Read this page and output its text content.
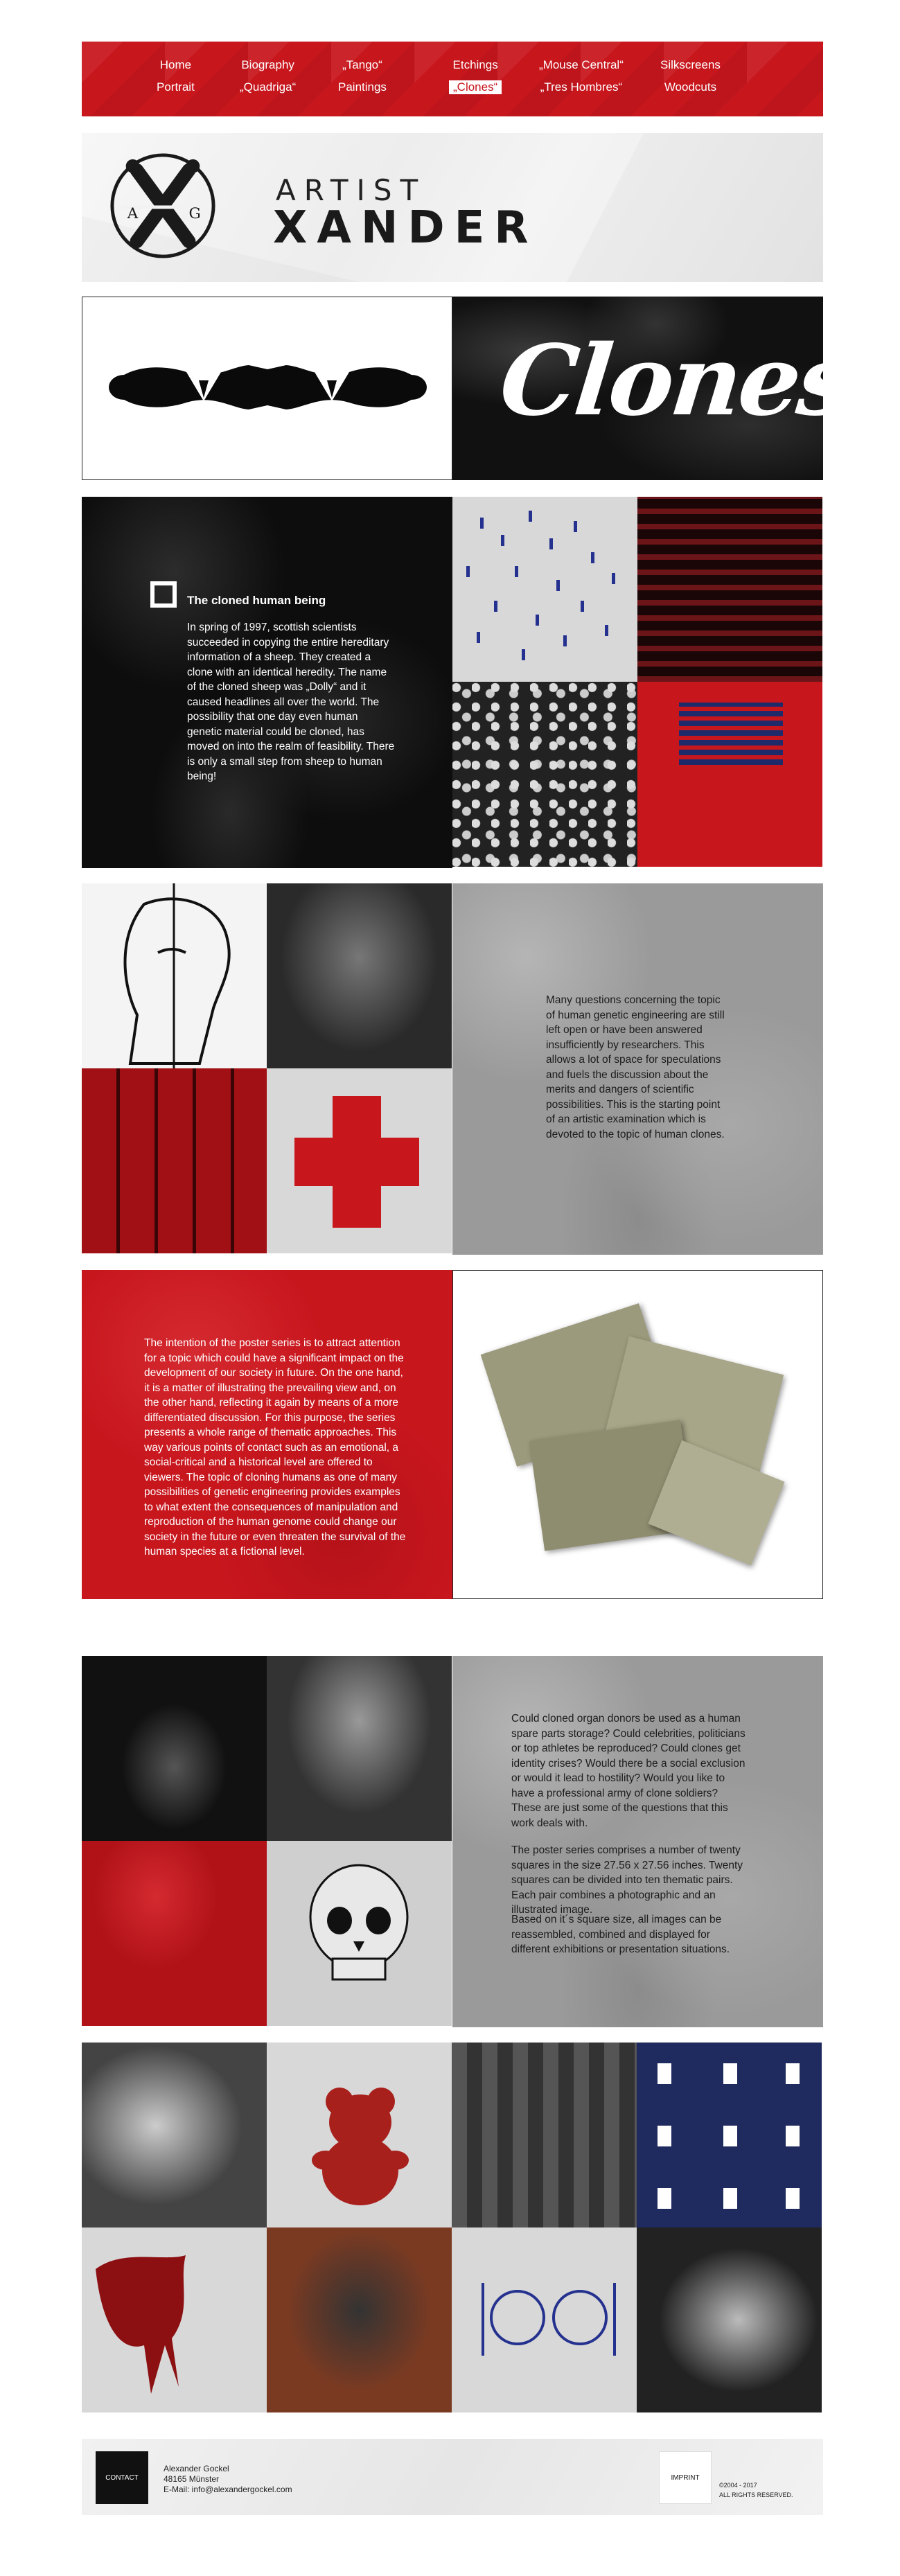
Home
Portrait
Biography
„Quadriga“
„Tango“
Paintings
Etchings
„Clones“
„Mouse Central“
„Tres Hombres“
Silkscreens
Woodcuts
A	G
ARTIST
XANDER
Clones
The cloned human being
In spring of 1997, scottish scientists succeeded in copying the entire hereditary information of a sheep. They created a clone with an identical heredity. The name of the cloned sheep was „Dolly“ and it caused headlines all over the world. The possibility that one day even human genetic material could be cloned, has moved on into the realm of feasibility. There is only a small step from sheep to human being!
Many questions concerning the topic of human genetic engineering are still left open or have been answered insufficiently by researchers. This allows a lot of space for speculations and fuels the discussion about the merits and dangers of scientific possibilities. This is the starting point of an artistic examination which is devoted to the topic of human clones.
The intention of the poster series is to attract attention for a topic which could have a significant impact on the development of our society in future. On the one hand, it is a matter of illustrating the prevailing view and, on the other hand, reflecting it again by means of a more differentiated discussion. For this purpose, the series presents a whole range of thematic approaches. This way various points of contact such as an emotional, a social-critical and a historical level are offered to viewers. The topic of cloning humans as one of many possibilities of genetic engineering provides examples to what extent the consequences of manipulation and reproduction of the human genome could change our society in the future or even threaten the survival of the human species at a fictional level.
Could cloned organ donors be used as a human spare parts storage? Could celebrities, politicians or top athletes be reproduced? Could clones get identity crises? Would there be a social exclusion or would it lead to hostility? Would you like to have a professional army of clone soldiers? These are just some of the questions that this work deals with.
The poster series comprises a number of twenty squares in the size 27.56 x 27.56 inches. Twenty squares can be divided into ten thematic pairs. Each pair combines a photographic and an illustrated image.
Based on it´s square size, all images can be reassembled, combined and displayed for different exhibitions or presentation situations.
CONTACT
Alexander Gockel
48165 Münster
E-Mail: info@alexandergockel.com
IMPRINT
©2004 - 2017
ALL RIGHTS RESERVED.
